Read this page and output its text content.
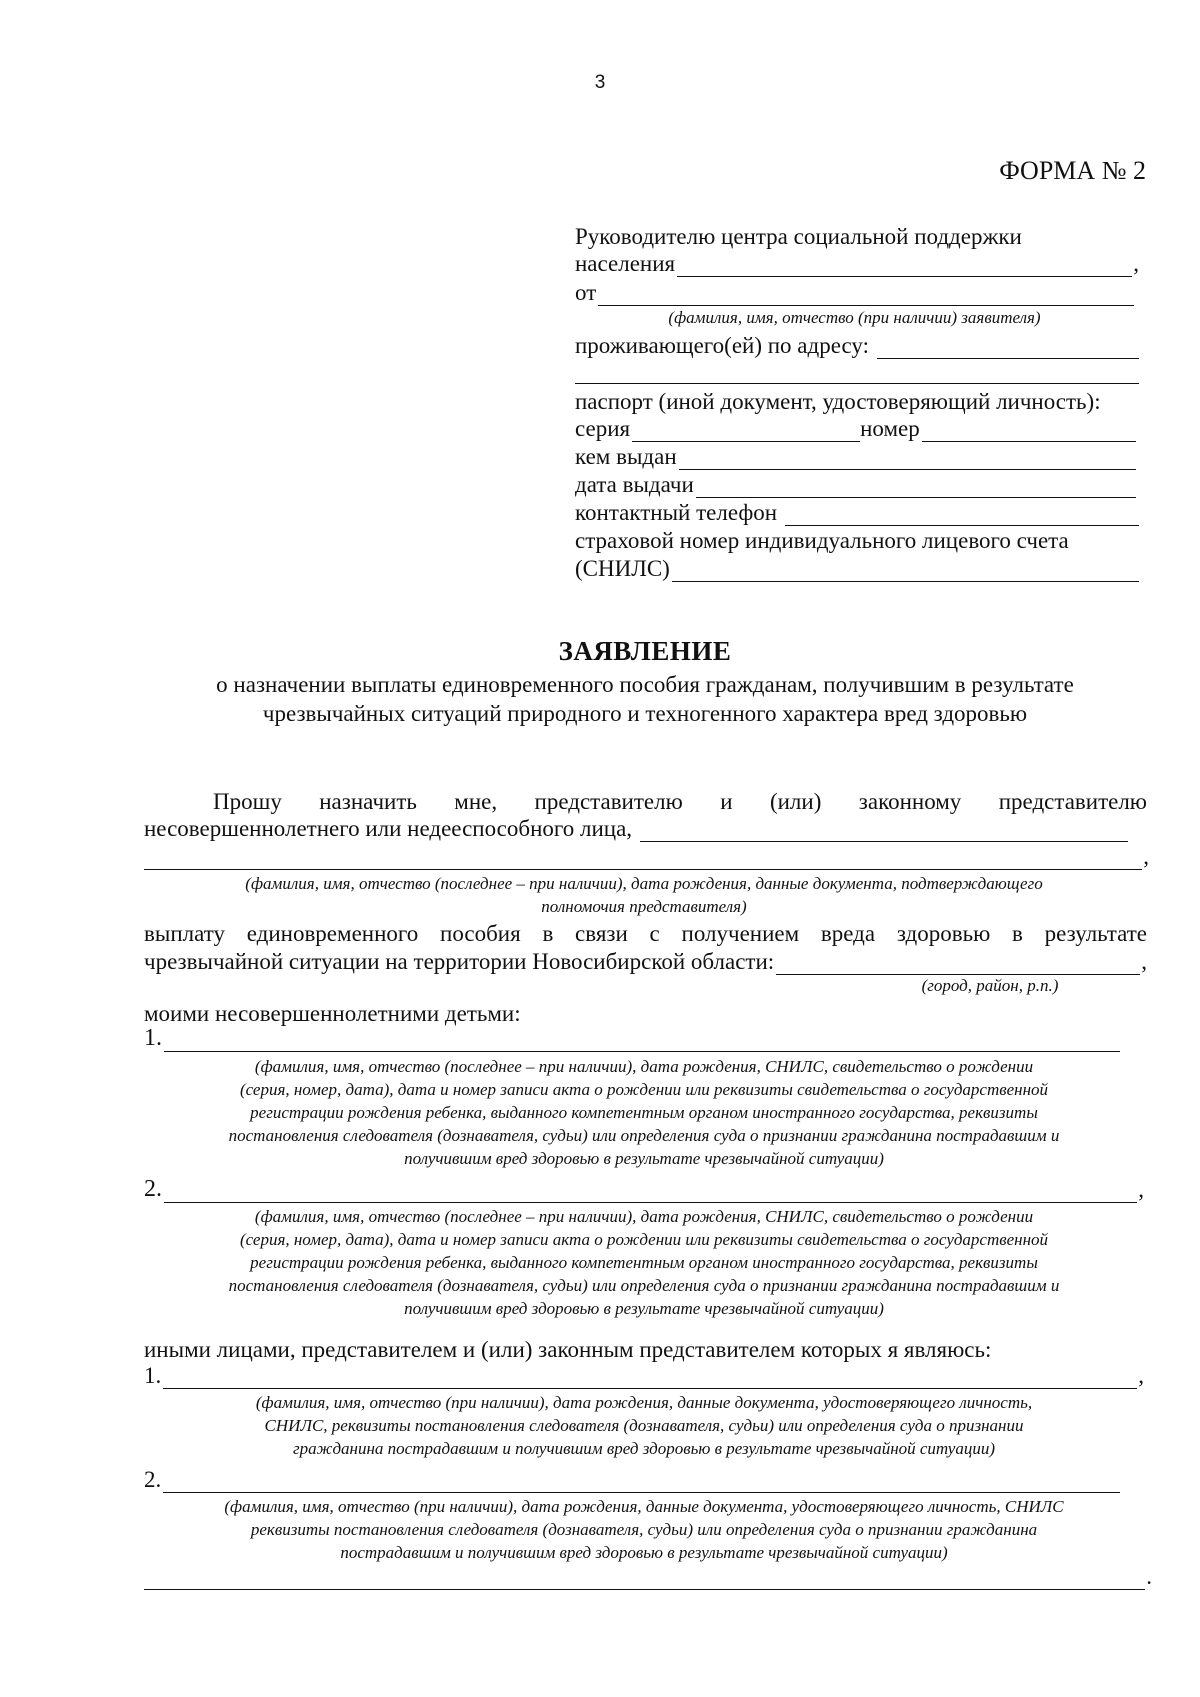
3
ФОРМА № 2
Руководителю центра социальной поддержки
населения	,
от
(фамилия, имя, отчество (при наличии) заявителя)
проживающего(ей) по адресу:
паспорт (иной документ, удостоверяющий личность):
серия	номер
кем выдан
дата выдачи
контактный телефон
страховой номер индивидуального лицевого счета
(СНИЛС)
ЗАЯВЛЕНИЕ
о назначении выплаты единовременного пособия гражданам, получившим в результате
чрезвычайных ситуаций природного и техногенного характера вред здоровью
Прошу назначить мне, представителю и (или) законному представителю
несовершеннолетнего или недееспособного лица,
,
(фамилия, имя, отчество (последнее – при наличии), дата рождения, данные документа, подтверждающего
полномочия представителя)
выплату единовременного пособия в связи с получением вреда здоровью в результате
чрезвычайной ситуации на территории Новосибирской области:	,
(город, район, р.п.)
моими несовершеннолетними детьми:
1.
(фамилия, имя, отчество (последнее – при наличии), дата рождения, СНИЛС, свидетельство о рождении
(серия, номер, дата), дата и номер записи акта о рождении или реквизиты свидетельства о государственной
регистрации рождения ребенка, выданного компетентным органом иностранного государства, реквизиты
постановления следователя (дознавателя, судьи) или определения суда о признании гражданина пострадавшим и
получившим вред здоровью в результате чрезвычайной ситуации)
2.	,
(фамилия, имя, отчество (последнее – при наличии), дата рождения, СНИЛС, свидетельство о рождении
(серия, номер, дата), дата и номер записи акта о рождении или реквизиты свидетельства о государственной
регистрации рождения ребенка, выданного компетентным органом иностранного государства, реквизиты
постановления следователя (дознавателя, судьи) или определения суда о признании гражданина пострадавшим и
получившим вред здоровью в результате чрезвычайной ситуации)
иными лицами, представителем и (или) законным представителем которых я являюсь:
1.	,
(фамилия, имя, отчество (при наличии), дата рождения, данные документа, удостоверяющего личность,
СНИЛС, реквизиты постановления следователя (дознавателя, судьи) или определения суда о признании
гражданина пострадавшим и получившим вред здоровью в результате чрезвычайной ситуации)
2.
(фамилия, имя, отчество (при наличии), дата рождения, данные документа, удостоверяющего личность, СНИЛС
реквизиты постановления следователя (дознавателя, судьи) или определения суда о признании гражданина
пострадавшим и получившим вред здоровью в результате чрезвычайной ситуации)
.
